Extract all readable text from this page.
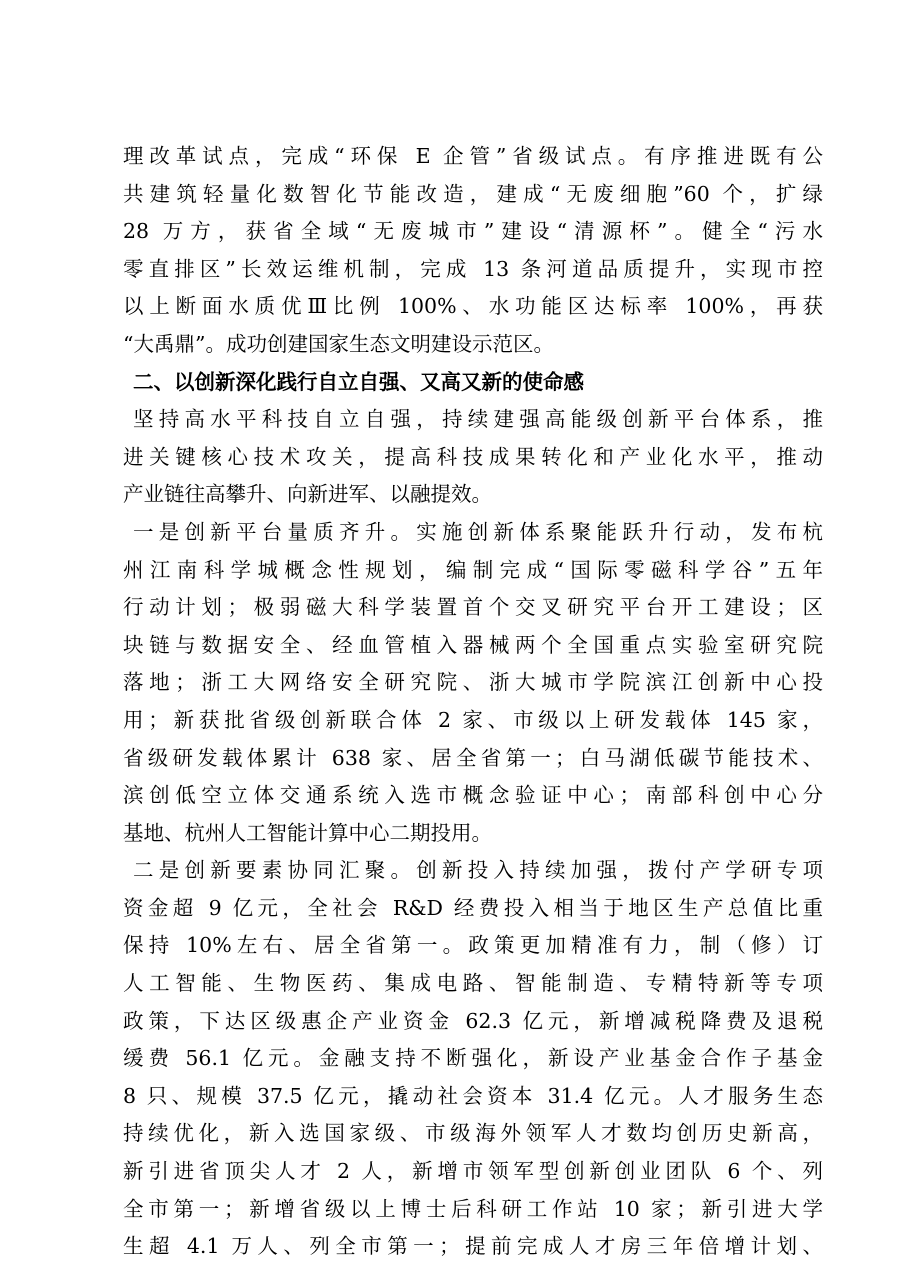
理改革试点，完成“环保 E 企管”省级试点。有序推进既有公
共建筑轻量化数智化节能改造，建成“无废细胞”60 个，扩绿
28 万方，获省全域“无废城市”建设“清源杯”。健全“污水
零直排区”长效运维机制，完成 13 条河道品质提升，实现市控
以上断面水质优Ⅲ比例 100%、水功能区达标率 100%，再获
“大禹鼎”。成功创建国家生态文明建设示范区。
二、以创新深化践行自立自强、又高又新的使命感
坚持高水平科技自立自强，持续建强高能级创新平台体系，推
进关键核心技术攻关，提高科技成果转化和产业化水平，推动
产业链往高攀升、向新进军、以融提效。
一是创新平台量质齐升。实施创新体系聚能跃升行动，发布杭
州江南科学城概念性规划，编制完成“国际零磁科学谷”五年
行动计划；极弱磁大科学装置首个交叉研究平台开工建设；区
块链与数据安全、经血管植入器械两个全国重点实验室研究院
落地；浙工大网络安全研究院、浙大城市学院滨江创新中心投
用；新获批省级创新联合体 2 家、市级以上研发载体 145 家，
省级研发载体累计 638 家、居全省第一；白马湖低碳节能技术、
滨创低空立体交通系统入选市概念验证中心；南部科创中心分
基地、杭州人工智能计算中心二期投用。
二是创新要素协同汇聚。创新投入持续加强，拨付产学研专项
资金超 9 亿元，全社会 R&D 经费投入相当于地区生产总值比重
保持 10%左右、居全省第一。政策更加精准有力，制（修）订
人工智能、生物医药、集成电路、智能制造、专精特新等专项
政策，下达区级惠企产业资金 62.3 亿元，新增减税降费及退税
缓费 56.1 亿元。金融支持不断强化，新设产业基金合作子基金
8 只、规模 37.5 亿元，撬动社会资本 31.4 亿元。人才服务生态
持续优化，新入选国家级、市级海外领军人才数均创历史新高，
新引进省顶尖人才 2 人，新增市领军型创新创业团队 6 个、列
全市第一；新增省级以上博士后科研工作站 10 家；新引进大学
生超 4.1 万人、列全市第一；提前完成人才房三年倍增计划、
